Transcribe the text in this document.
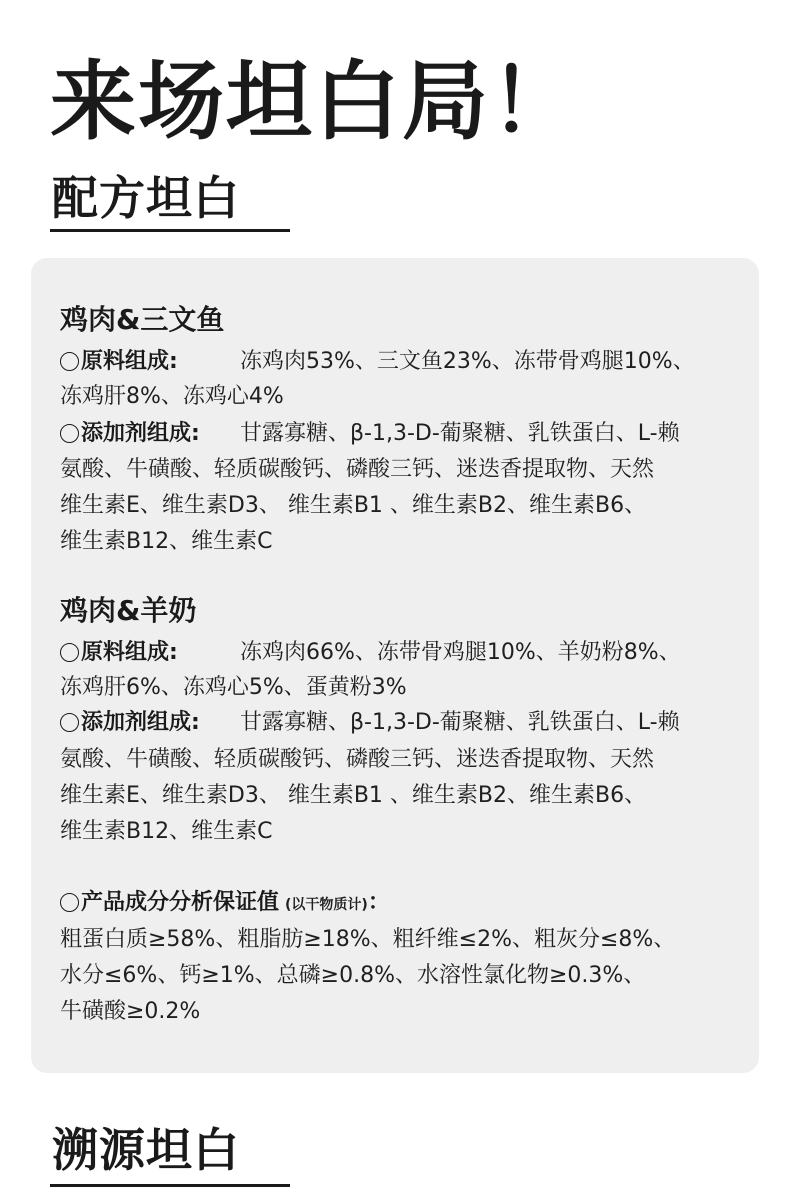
来场坦白局！
配方坦白
鸡肉&三文鱼
原料组成:	冻鸡肉53%、三文鱼23%、冻带骨鸡腿10%、
冻鸡肝8%、冻鸡心4%
添加剂组成: 甘露寡糖、β-1,3-D-葡聚糖、乳铁蛋白、L-赖
氨酸、牛磺酸、轻质碳酸钙、磷酸三钙、迷迭香提取物、天然
维生素E、维生素D3、 维生素B1 、维生素B2、维生素B6、
维生素B12、维生素C
鸡肉&羊奶
原料组成:	冻鸡肉66%、冻带骨鸡腿10%、羊奶粉8%、
冻鸡肝6%、冻鸡心5%、蛋黄粉3%
添加剂组成: 甘露寡糖、β-1,3-D-葡聚糖、乳铁蛋白、L-赖
氨酸、牛磺酸、轻质碳酸钙、磷酸三钙、迷迭香提取物、天然
维生素E、维生素D3、 维生素B1 、维生素B2、维生素B6、
维生素B12、维生素C
产品成分分析保证值 (以干物质计)：
粗蛋白质≥58%、粗脂肪≥18%、粗纤维≤2%、粗灰分≤8%、
水分≤6%、钙≥1%、总磷≥0.8%、水溶性氯化物≥0.3%、
牛磺酸≥0.2%
溯源坦白
